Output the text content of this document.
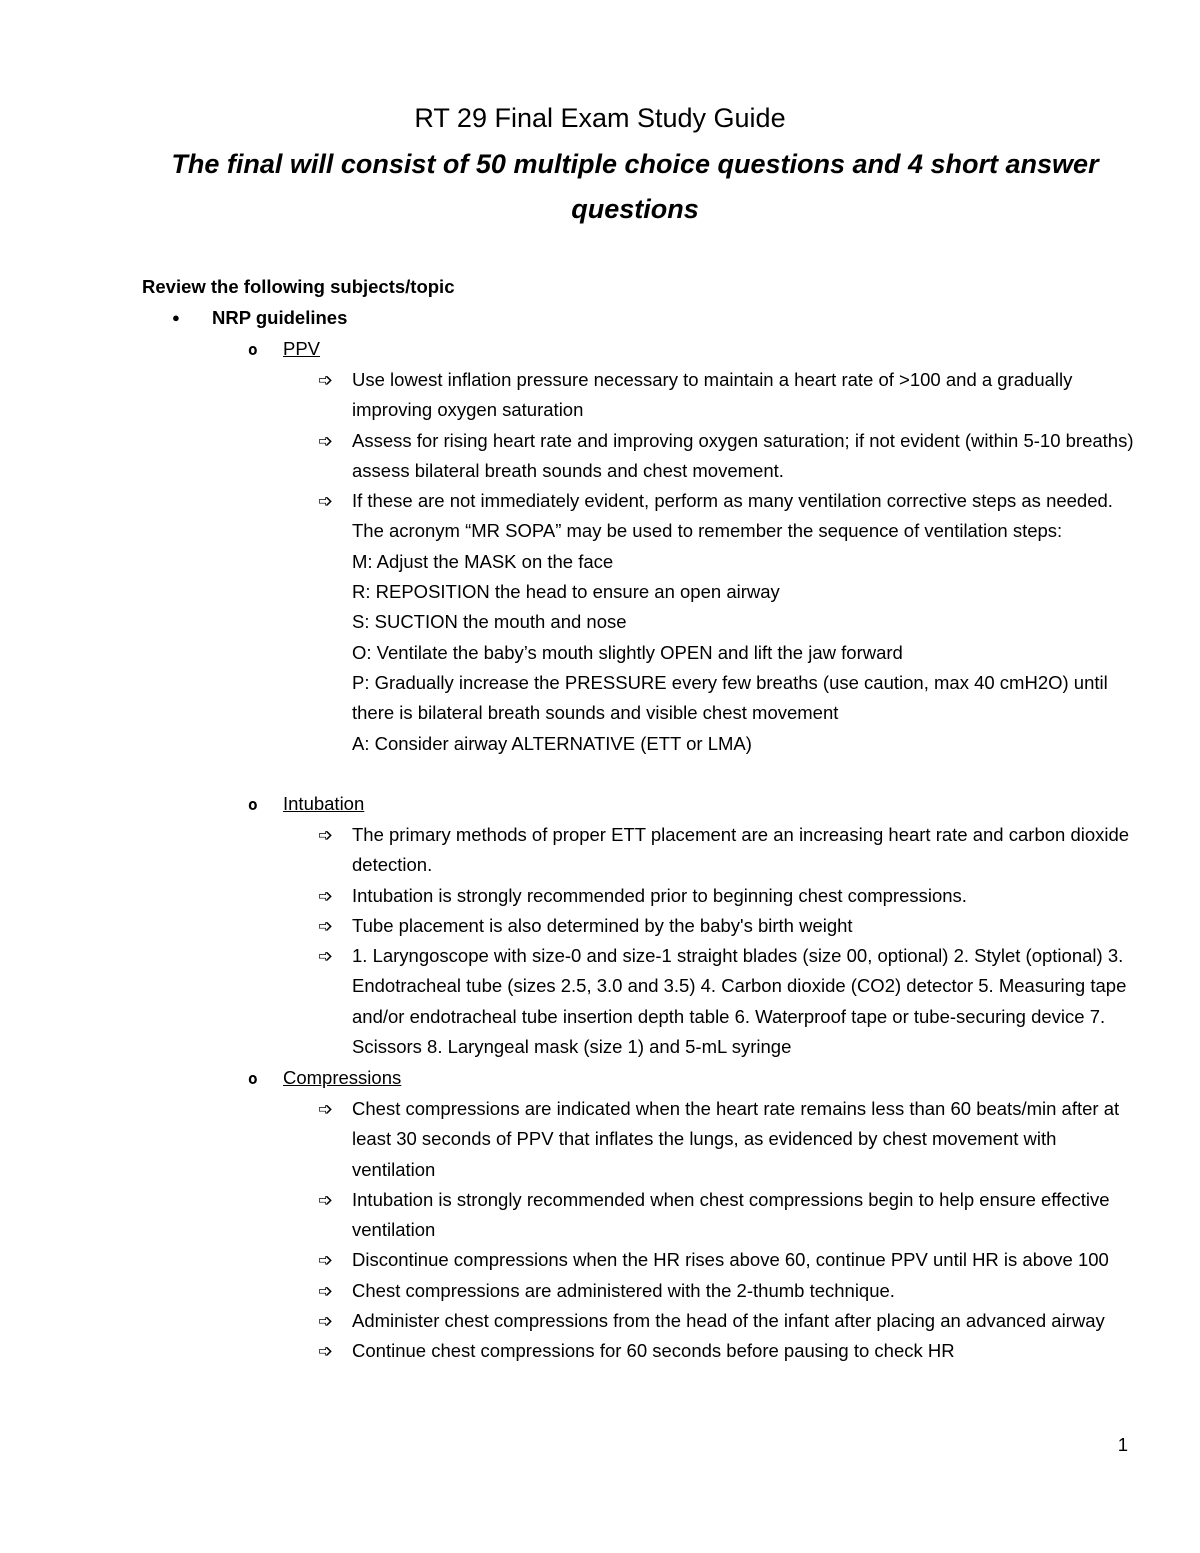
RT 29 Final Exam Study Guide
The final will consist of 50 multiple choice questions and 4 short answer questions
Review the following subjects/topic
● NRP guidelines
o PPV
➩ Use lowest inflation pressure necessary to maintain a heart rate of >100 and a gradually improving oxygen saturation
➩ Assess for rising heart rate and improving oxygen saturation; if not evident (within 5-10 breaths) assess bilateral breath sounds and chest movement.
➩ If these are not immediately evident, perform as many ventilation corrective steps as needed. The acronym “MR SOPA” may be used to remember the sequence of ventilation steps:
M: Adjust the MASK on the face
R: REPOSITION the head to ensure an open airway
S: SUCTION the mouth and nose
O: Ventilate the baby’s mouth slightly OPEN and lift the jaw forward
P: Gradually increase the PRESSURE every few breaths (use caution, max 40 cmH2O) until there is bilateral breath sounds and visible chest movement
A: Consider airway ALTERNATIVE (ETT or LMA)
o Intubation
➩ The primary methods of proper ETT placement are an increasing heart rate and carbon dioxide detection.
➩ Intubation is strongly recommended prior to beginning chest compressions.
➩ Tube placement is also determined by the baby's birth weight
➩ 1. Laryngoscope with size-0 and size-1 straight blades (size 00, optional) 2. Stylet (optional) 3. Endotracheal tube (sizes 2.5, 3.0 and 3.5) 4. Carbon dioxide (CO2) detector 5. Measuring tape and/or endotracheal tube insertion depth table 6. Waterproof tape or tube-securing device 7. Scissors 8. Laryngeal mask (size 1) and 5-mL syringe
o Compressions
➩ Chest compressions are indicated when the heart rate remains less than 60 beats/min after at least 30 seconds of PPV that inflates the lungs, as evidenced by chest movement with ventilation
➩ Intubation is strongly recommended when chest compressions begin to help ensure effective ventilation
➩ Discontinue compressions when the HR rises above 60, continue PPV until HR is above 100
➩ Chest compressions are administered with the 2-thumb technique.
➩ Administer chest compressions from the head of the infant after placing an advanced airway
➩ Continue chest compressions for 60 seconds before pausing to check HR
1
